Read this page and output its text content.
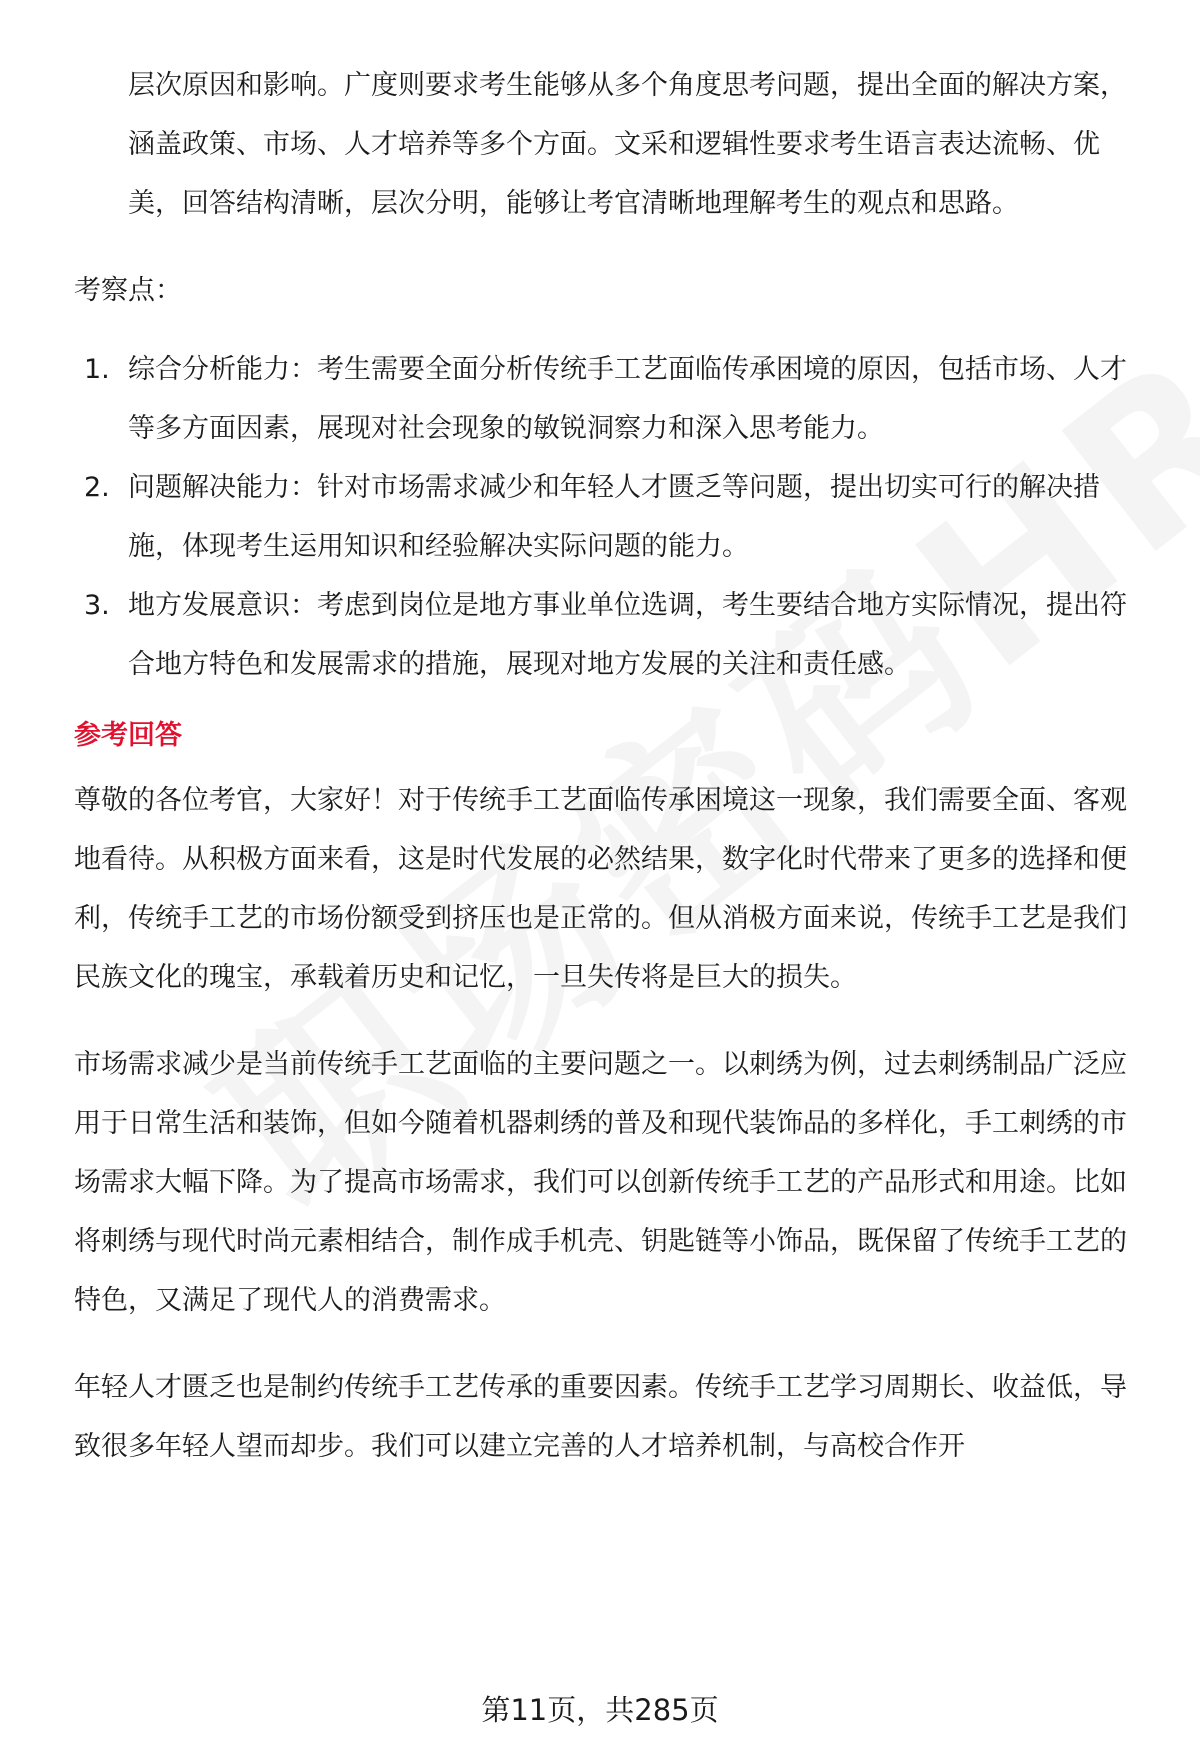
层次原因和影响。广度则要求考生能够从多个角度思考问题，提出全面的解决方案，涵盖政策、市场、人才培养等多个方面。文采和逻辑性要求考生语言表达流畅、优美，回答结构清晰，层次分明，能够让考官清晰地理解考生的观点和思路。

考察点：

1. 综合分析能力：考生需要全面分析传统手工艺面临传承困境的原因，包括市场、人才等多方面因素，展现对社会现象的敏锐洞察力和深入思考能力。
2. 问题解决能力：针对市场需求减少和年轻人才匮乏等问题，提出切实可行的解决措施，体现考生运用知识和经验解决实际问题的能力。
3. 地方发展意识：考虑到岗位是地方事业单位选调，考生要结合地方实际情况，提出符合地方特色和发展需求的措施，展现对地方发展的关注和责任感。

参考回答

尊敬的各位考官，大家好！对于传统手工艺面临传承困境这一现象，我们需要全面、客观地看待。从积极方面来看，这是时代发展的必然结果，数字化时代带来了更多的选择和便利，传统手工艺的市场份额受到挤压也是正常的。但从消极方面来说，传统手工艺是我们民族文化的瑰宝，承载着历史和记忆，一旦失传将是巨大的损失。

市场需求减少是当前传统手工艺面临的主要问题之一。以刺绣为例，过去刺绣制品广泛应用于日常生活和装饰，但如今随着机器刺绣的普及和现代装饰品的多样化，手工刺绣的市场需求大幅下降。为了提高市场需求，我们可以创新传统手工艺的产品形式和用途。比如将刺绣与现代时尚元素相结合，制作成手机壳、钥匙链等小饰品，既保留了传统手工艺的特色，又满足了现代人的消费需求。

年轻人才匮乏也是制约传统手工艺传承的重要因素。传统手工艺学习周期长、收益低，导致很多年轻人望而却步。我们可以建立完善的人才培养机制，与高校合作开

第11页，共285页
